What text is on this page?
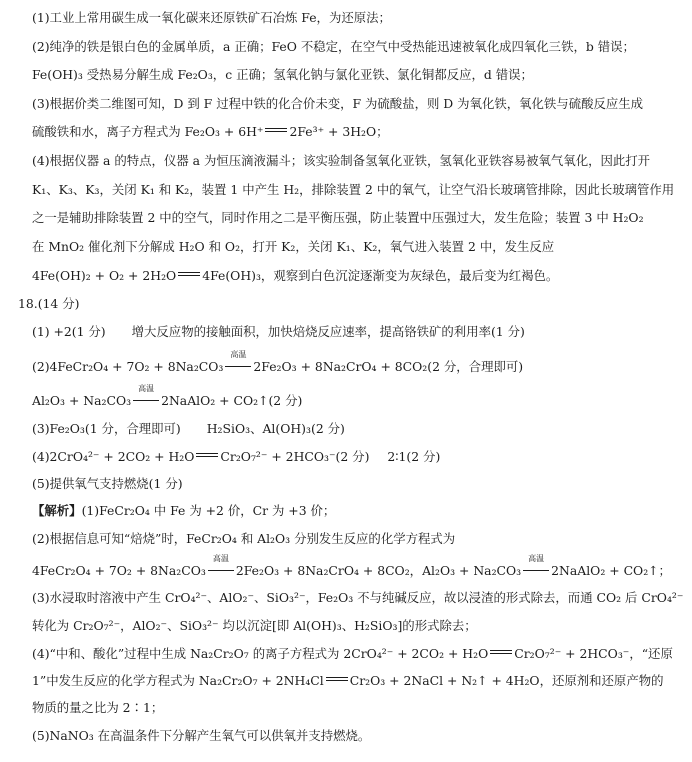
(1)工业上常用碳生成一氧化碳来还原铁矿石冶炼 Fe，为还原法；
(2)纯净的铁是银白色的金属单质，a 正确；FeO 不稳定，在空气中受热能迅速被氧化成四氧化三铁，b 错误；
Fe(OH)₃ 受热易分解生成 Fe₂O₃，c 正确；氢氧化钠与氯化亚铁、氯化铜都反应，d 错误；
(3)根据价类二维图可知，D 到 F 过程中铁的化合价未变，F 为硫酸盐，则 D 为氧化铁，氧化铁与硫酸反应生成
硫酸铁和水，离子方程式为 Fe₂O₃ + 6H⁺ 2Fe³⁺ + 3H₂O；
(4)根据仪器 a 的特点，仪器 a 为恒压滴液漏斗；该实验制备氢氧化亚铁，氢氧化亚铁容易被氧气氧化，因此打开
K₁、K₃、K₃，关闭 K₁ 和 K₂，装置 1 中产生 H₂，排除装置 2 中的氧气，让空气沿长玻璃管排除，因此长玻璃管作用
之一是辅助排除装置 2 中的空气，同时作用之二是平衡压强，防止装置中压强过大，发生危险；装置 3 中 H₂O₂
在 MnO₂ 催化剂下分解成 H₂O 和 O₂，打开 K₂，关闭 K₁、K₂，氧气进入装置 2 中，发生反应
4Fe(OH)₂ + O₂ + 2H₂O 4Fe(OH)₃，观察到白色沉淀逐渐变为灰绿色，最后变为红褐色。
18.(14 分)
(1) +2(1 分) 增大反应物的接触面积，加快焙烧反应速率，提高铬铁矿的利用率(1 分)
(2)4FeCr₂O₄ + 7O₂ + 8Na₂CO₃
高温
2Fe₂O₃ + 8Na₂CrO₄ + 8CO₂(2 分，合理即可)
Al₂O₃ + Na₂CO₃
高温
2NaAlO₂ + CO₂↑(2 分)
(3)Fe₂O₃(1 分，合理即可) H₂SiO₃、Al(OH)₃(2 分)
(4)2CrO₄²⁻ + 2CO₂ + H₂O Cr₂O₇²⁻ + 2HCO₃⁻(2 分) 2∶1(2 分)
(5)提供氧气支持燃烧(1 分)
【解析】(1)FeCr₂O₄ 中 Fe 为 +2 价，Cr 为 +3 价；
(2)根据信息可知“焙烧”时，FeCr₂O₄ 和 Al₂O₃ 分别发生反应的化学方程式为
4FeCr₂O₄ + 7O₂ + 8Na₂CO₃
高温
2Fe₂O₃ + 8Na₂CrO₄ + 8CO₂，Al₂O₃ + Na₂CO₃
高温
2NaAlO₂ + CO₂↑；
(3)水浸取时溶液中产生 CrO₄²⁻、AlO₂⁻、SiO₃²⁻，Fe₂O₃ 不与纯碱反应，故以浸渣的形式除去，而通 CO₂ 后 CrO₄²⁻
转化为 Cr₂O₇²⁻，AlO₂⁻、SiO₃²⁻ 均以沉淀[即 Al(OH)₃、H₂SiO₃]的形式除去；
(4)“中和、酸化”过程中生成 Na₂Cr₂O₇ 的离子方程式为 2CrO₄²⁻ + 2CO₂ + H₂O Cr₂O₇²⁻ + 2HCO₃⁻，“还原
1”中发生反应的化学方程式为 Na₂Cr₂O₇ + 2NH₄Cl Cr₂O₃ + 2NaCl + N₂↑ + 4H₂O，还原剂和还原产物的
物质的量之比为 2∶1；
(5)NaNO₃ 在高温条件下分解产生氧气可以供氧并支持燃烧。
